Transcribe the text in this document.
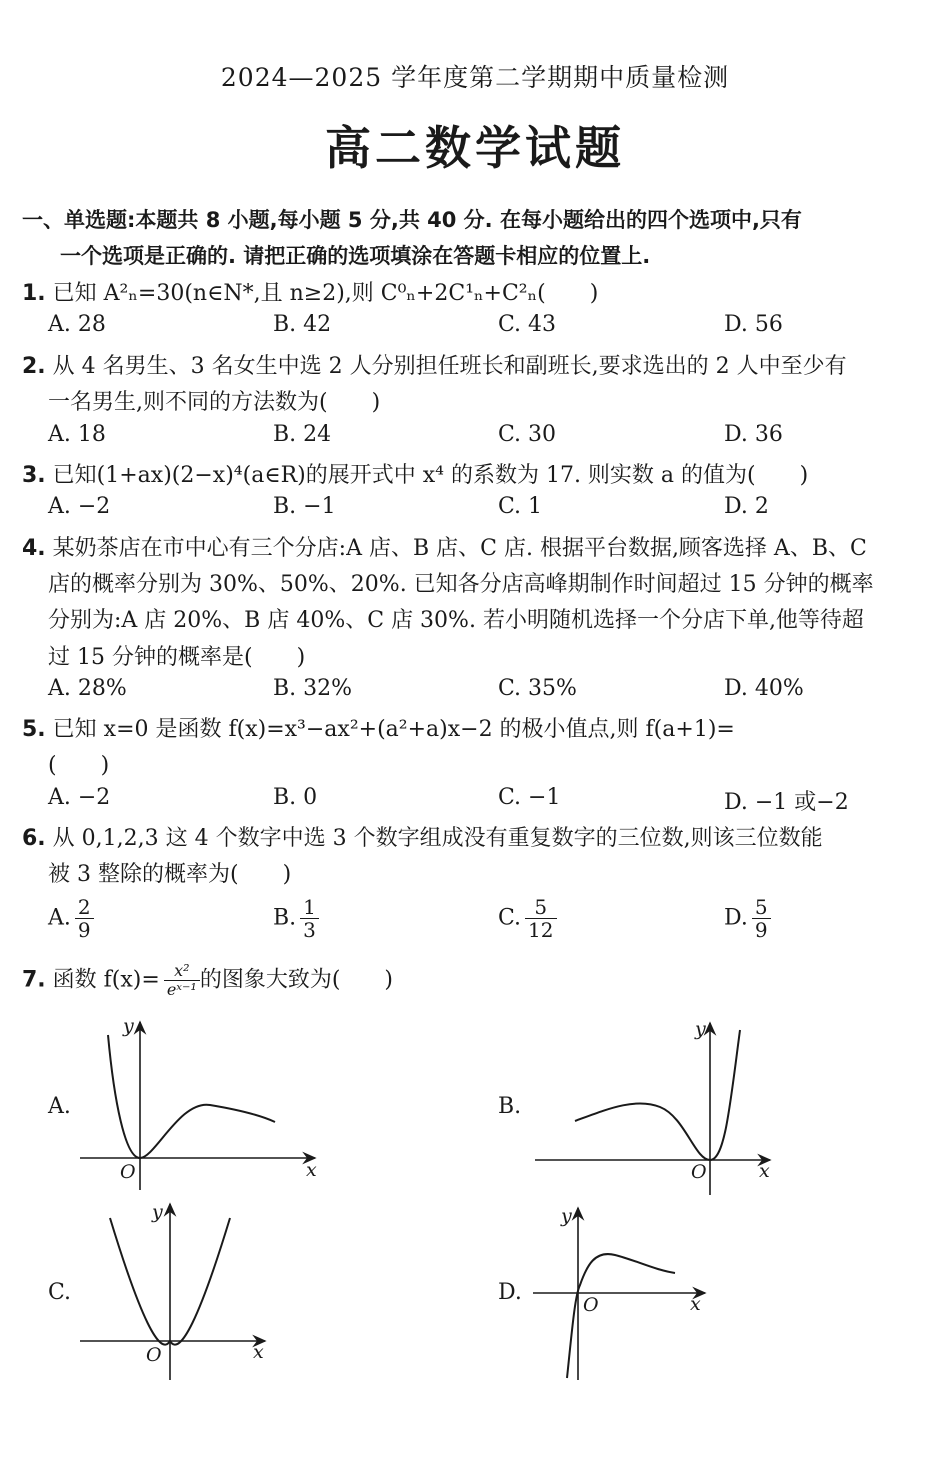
2024—2025 学年度第二学期期中质量检测
高二数学试题
一、单选题:本题共 8 小题,每小题 5 分,共 40 分. 在每小题给出的四个选项中,只有
一个选项是正确的. 请把正确的选项填涂在答题卡相应的位置上.
1. 已知 A²ₙ=30(n∈N*,且 n≥2),则 C⁰ₙ+2C¹ₙ+C²ₙ(　　)
A. 28	B. 42	C. 43	D. 56
2. 从 4 名男生、3 名女生中选 2 人分别担任班长和副班长,要求选出的 2 人中至少有
一名男生,则不同的方法数为(　　)
A. 18	B. 24	C. 30	D. 36
3. 已知(1+ax)(2−x)⁴(a∈R)的展开式中 x⁴ 的系数为 17. 则实数 a 的值为(　　)
A. −2	B. −1	C. 1	D. 2
4. 某奶茶店在市中心有三个分店:A 店、B 店、C 店. 根据平台数据,顾客选择 A、B、C
店的概率分别为 30%、50%、20%. 已知各分店高峰期制作时间超过 15 分钟的概率
分别为:A 店 20%、B 店 40%、C 店 30%. 若小明随机选择一个分店下单,他等待超
过 15 分钟的概率是(　　)
A. 28%	B. 32%	C. 35%	D. 40%
5. 已知 x=0 是函数 f(x)=x³−ax²+(a²+a)x−2 的极小值点,则 f(a+1)=
(　　)
A. −2	B. 0	C. −1	D. −1 或−2
6. 从 0,1,2,3 这 4 个数字中选 3 个数字组成没有重复数字的三位数,则该三位数能
被 3 整除的概率为(　　)
A. $\frac{2}{9}$	B. $\frac{1}{3}$	C. $\frac{5}{12}$	D. $\frac{5}{9}$
7. 函数 $f(x)= \frac{\text{x²}}{\text{eˣ⁻¹}}$ 的图象大致为(　　)
A.	B.
C.	D.
y
x
O
y
x
O
y
x
O
y
x
O
